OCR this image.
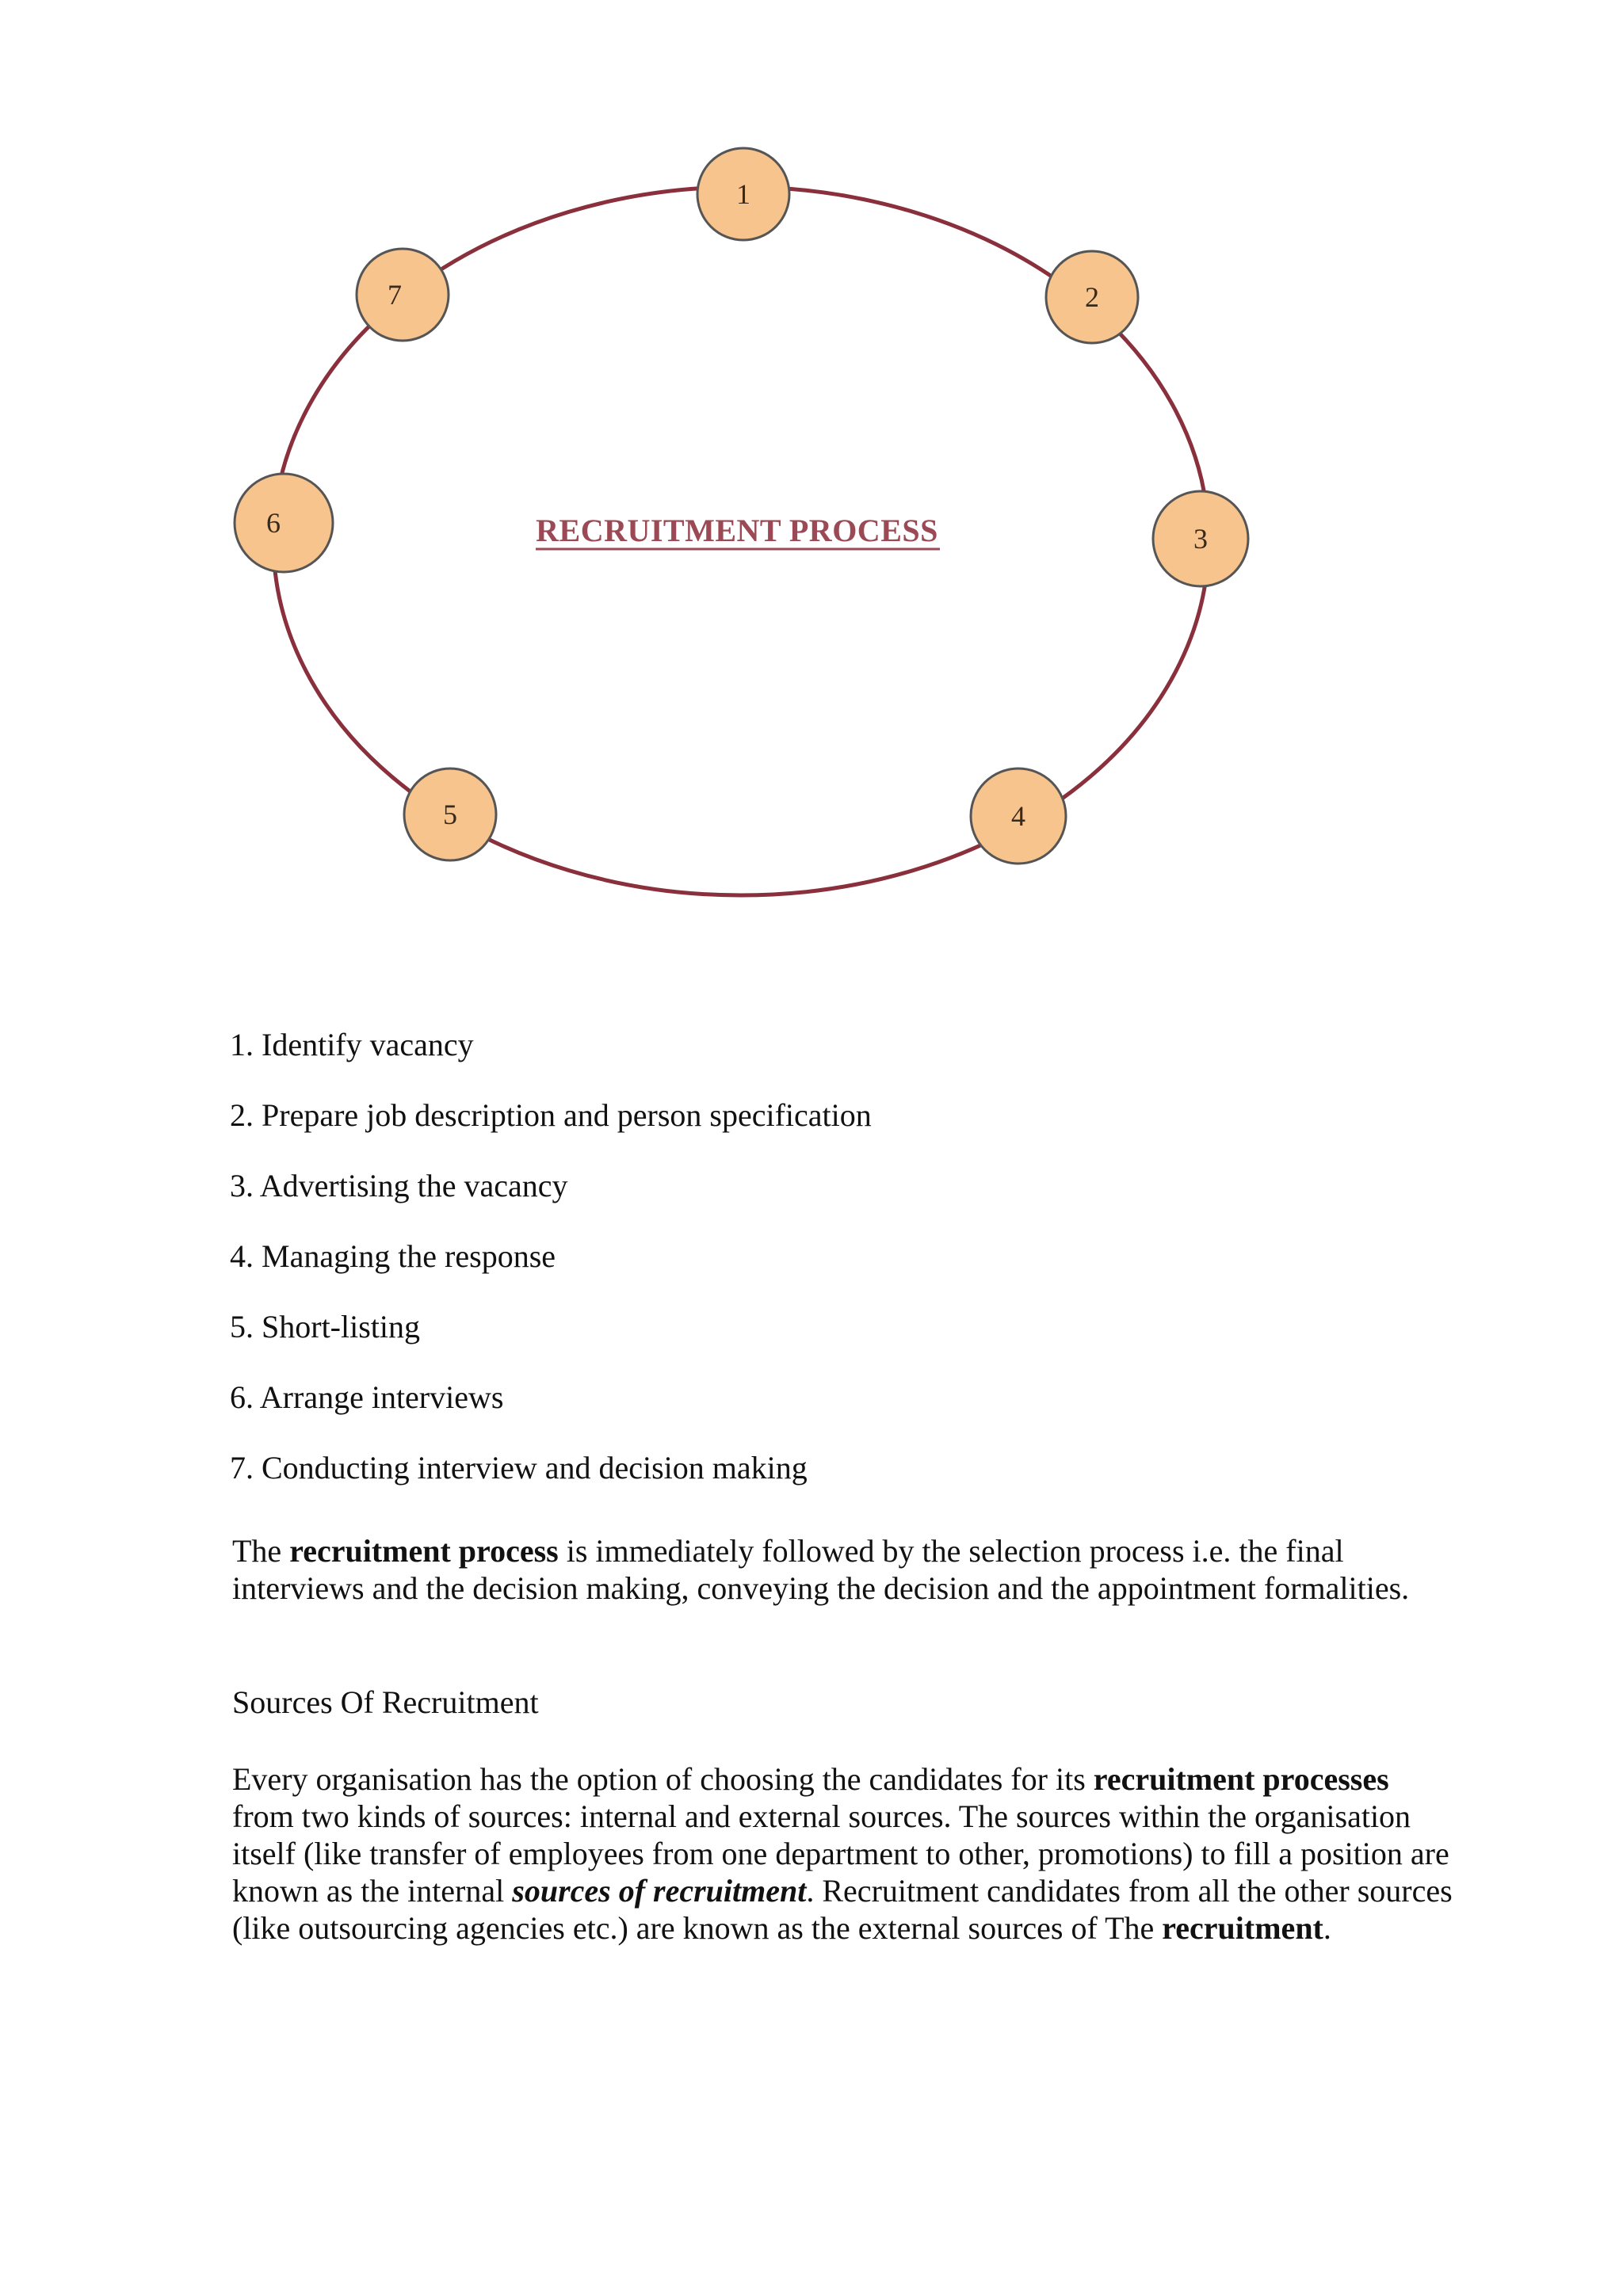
RECRUITMENT PROCESS
1
2
3
4
5
6
7
1. Identify vacancy
2. Prepare job description and person specification
3. Advertising the vacancy
4. Managing the response
5. Short-listing
6. Arrange interviews
7. Conducting interview and decision making

The recruitment process is immediately followed by the selection process i.e. the final interviews and the decision making, conveying the decision and the appointment formalities.

Sources Of Recruitment

Every organisation has the option of choosing the candidates for its recruitment processes from two kinds of sources: internal and external sources. The sources within the organisation itself (like transfer of employees from one department to other, promotions) to fill a position are known as the internal sources of recruitment. Recruitment candidates from all the other sources (like outsourcing agencies etc.) are known as the external sources of The recruitment.
